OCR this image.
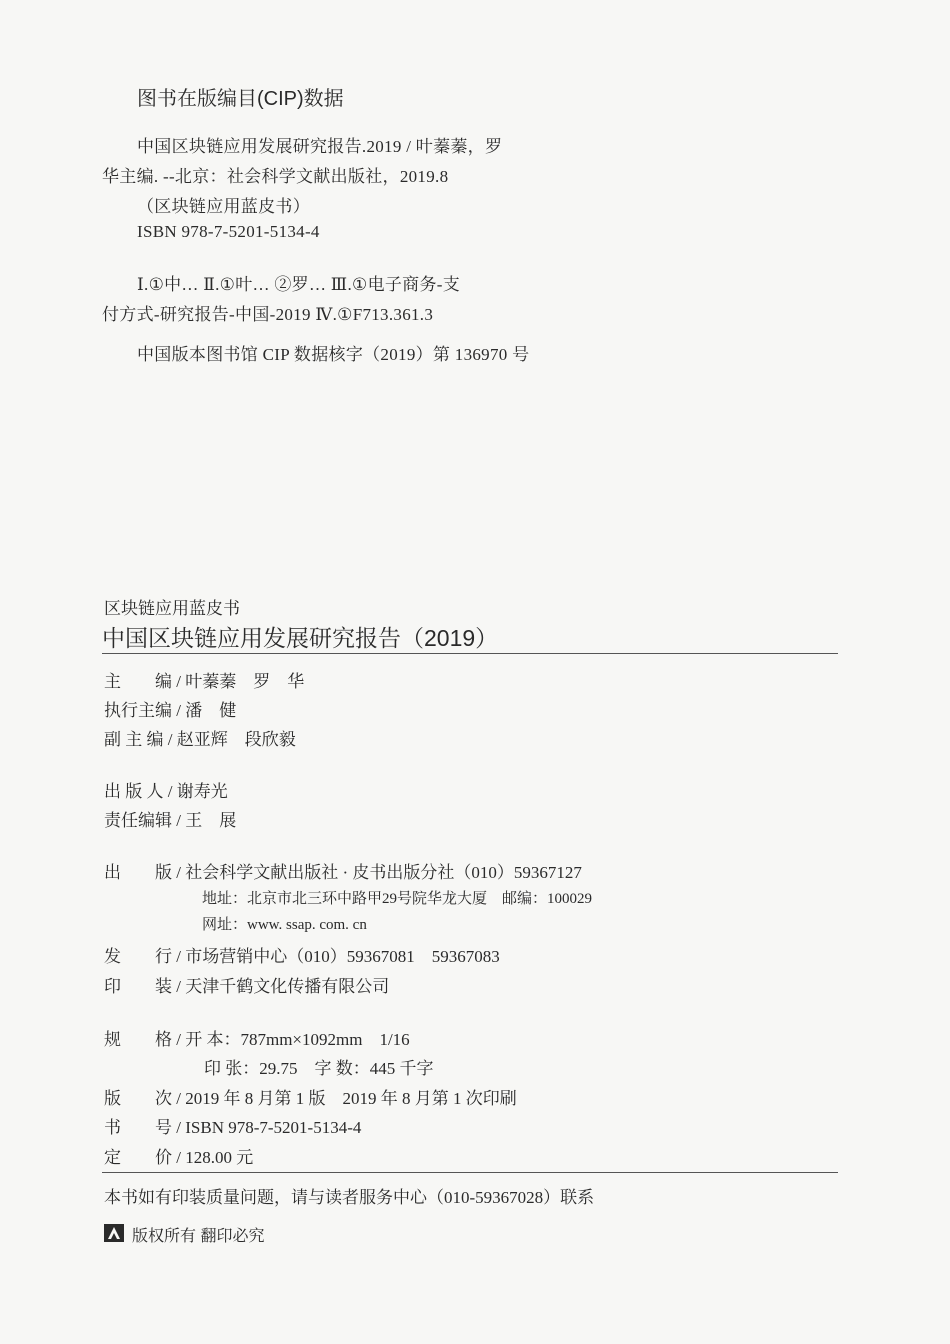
图书在版编目(CIP)数据
中国区块链应用发展研究报告.2019 / 叶蓁蓁，罗
华主编. --北京：社会科学文献出版社，2019.8
（区块链应用蓝皮书）
ISBN 978-7-5201-5134-4
Ⅰ.①中… Ⅱ.①叶… ②罗… Ⅲ.①电子商务-支
付方式-研究报告-中国-2019 Ⅳ.①F713.361.3
中国版本图书馆 CIP 数据核字（2019）第 136970 号
区块链应用蓝皮书
中国区块链应用发展研究报告（2019）
主　　编 / 叶蓁蓁　罗　华
执行主编 / 潘　健
副 主 编 / 赵亚辉　段欣毅
出 版 人 / 谢寿光
责任编辑 / 王　展
出　　版 / 社会科学文献出版社 · 皮书出版分社（010）59367127
地址：北京市北三环中路甲29号院华龙大厦　邮编：100029
网址：www. ssap. com. cn
发　　行 / 市场营销中心（010）59367081　59367083
印　　装 / 天津千鹤文化传播有限公司
规　　格 / 开 本：787mm×1092mm　1/16
印 张：29.75　字 数：445 千字
版　　次 / 2019 年 8 月第 1 版　2019 年 8 月第 1 次印刷
书　　号 / ISBN 978-7-5201-5134-4
定　　价 / 128.00 元
本书如有印装质量问题，请与读者服务中心（010-59367028）联系
版权所有 翻印必究
